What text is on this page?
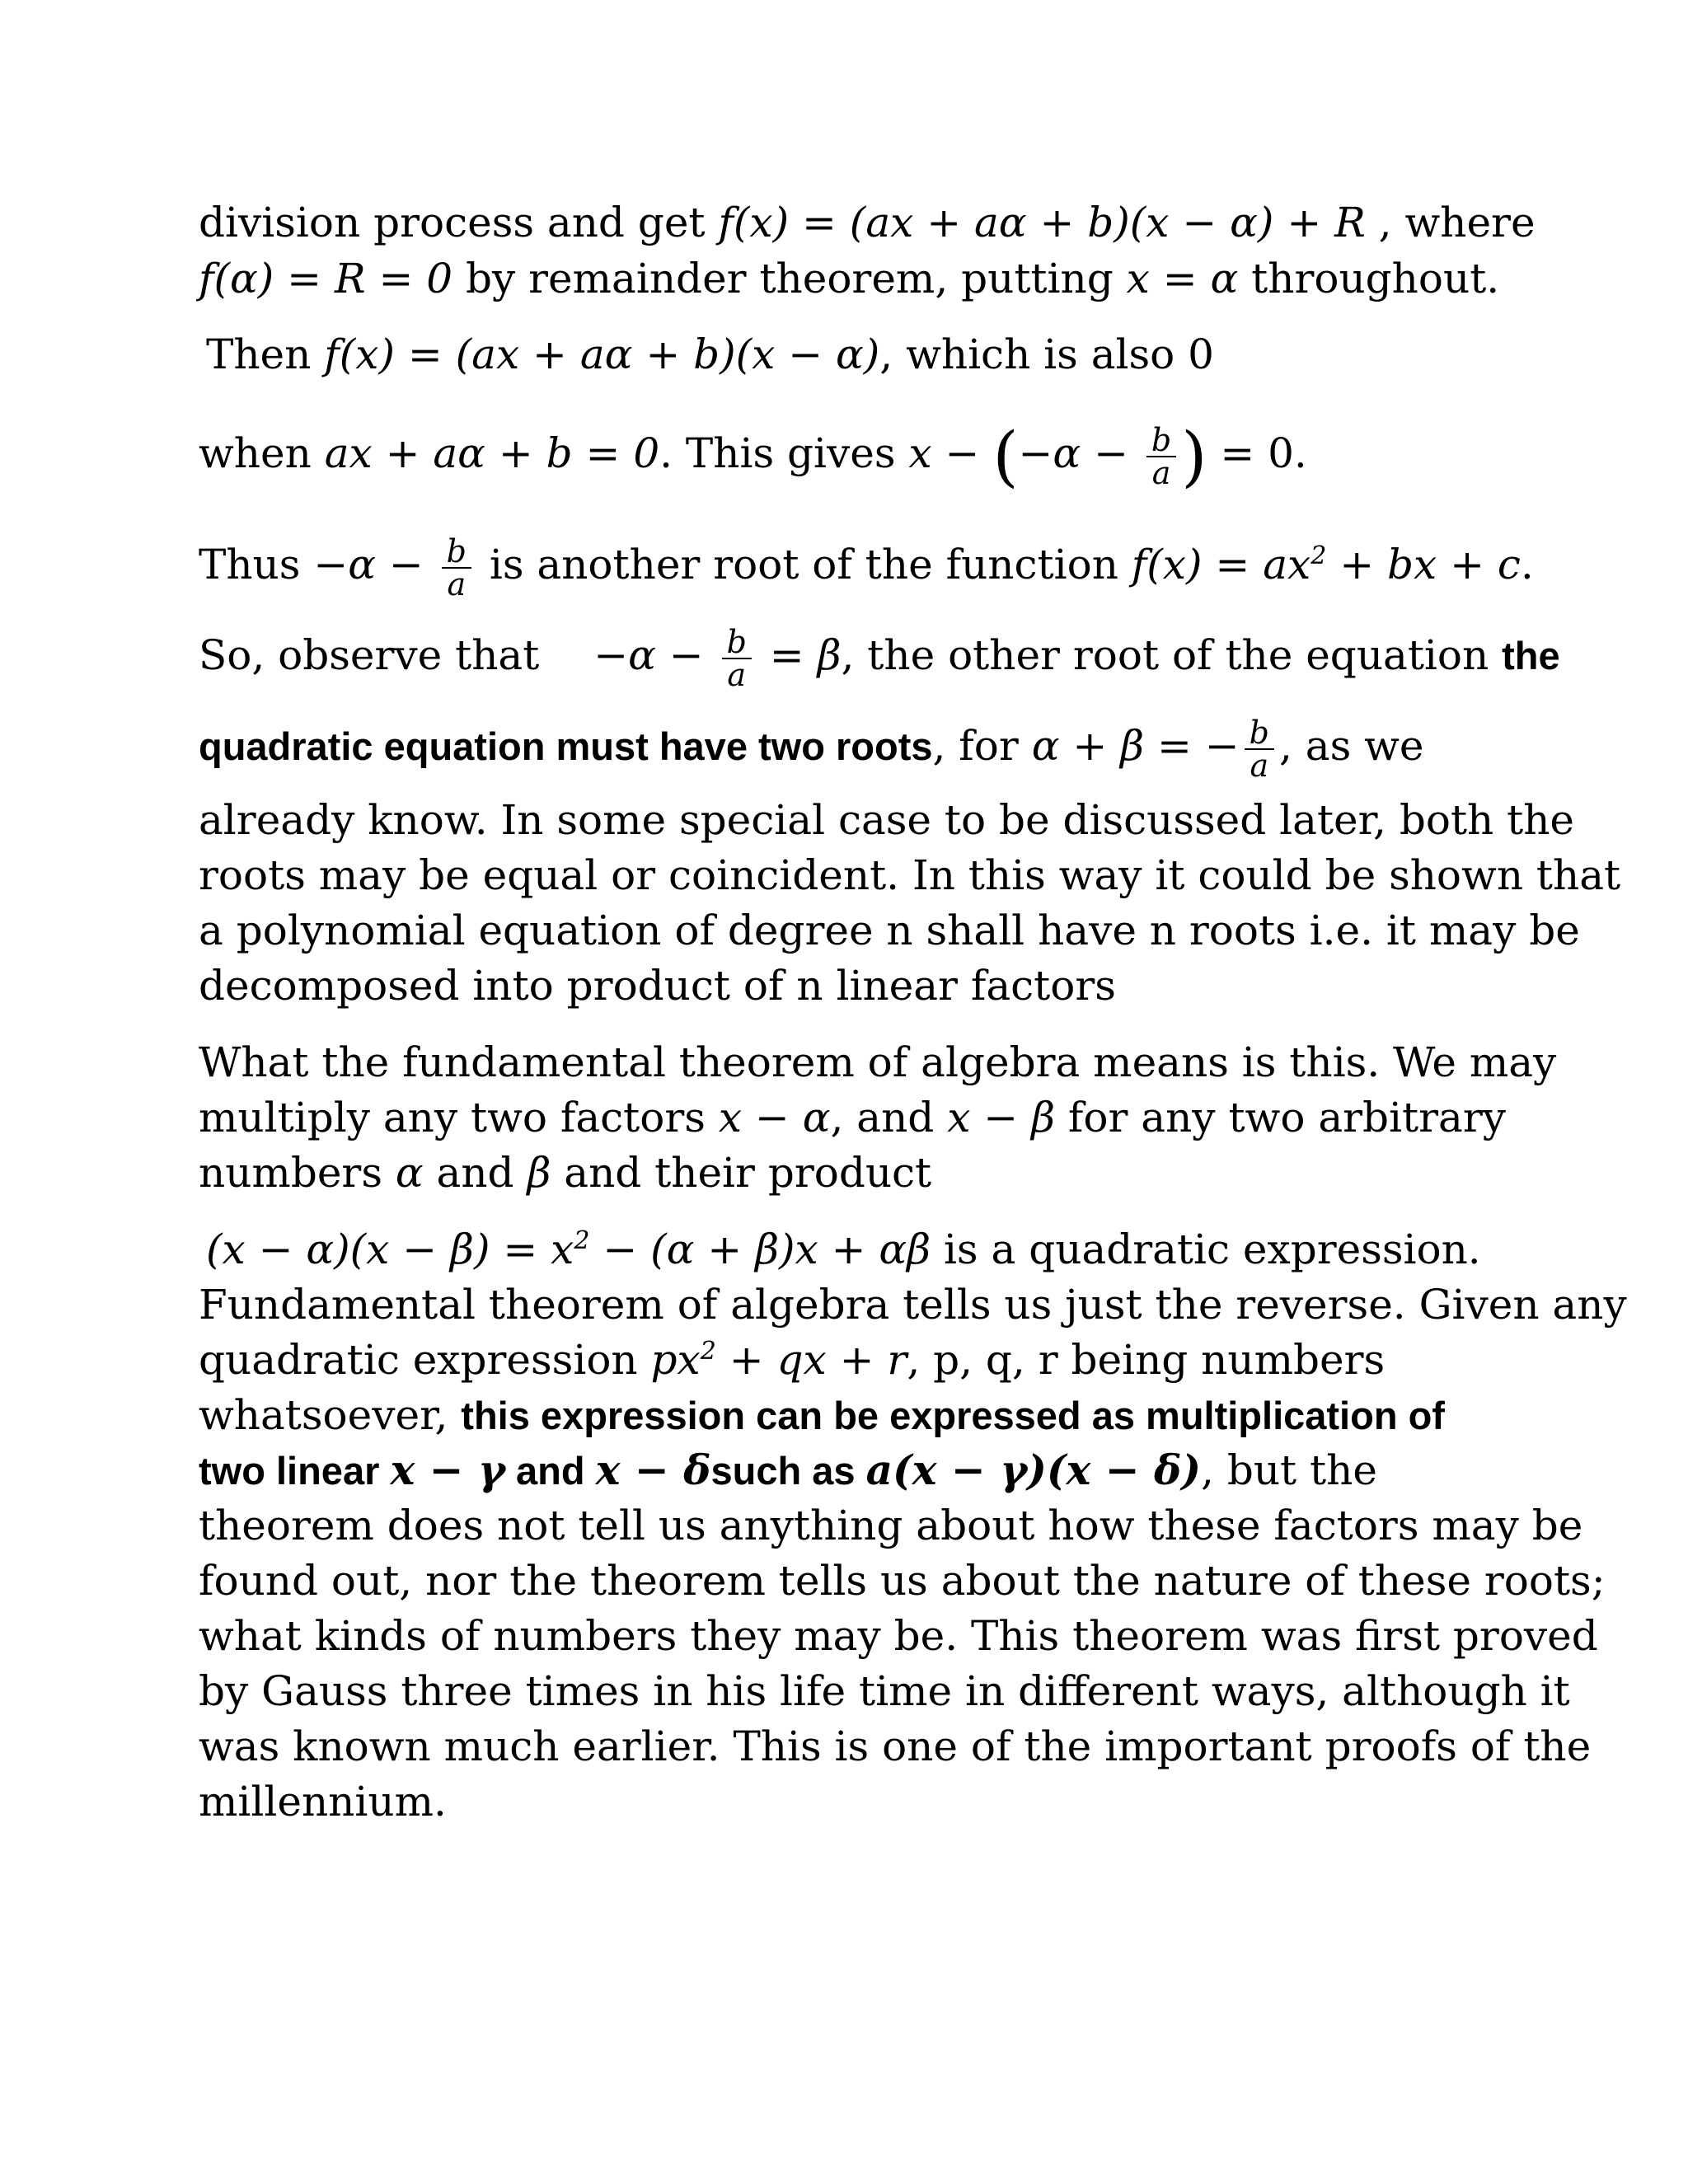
division process and get f(x) = (ax + aα + b)(x − α) + R , where
f(α) = R = 0 by remainder theorem, putting x = α throughout.
Then f(x) = (ax + aα + b)(x − α), which is also 0
when ax + aα + b = 0. This gives $x - (-\alpha - \frac{b}{a}$ ) = 0.
Thus $-\alpha - \frac{b}{a}$ is another root of the function $f(x) = ax^2$ + bx + c.
So, observe that $-\alpha - \frac{b}{a} = \beta$, the other root of the equation the
quadratic equation must have two roots, for α + β = − $\frac{b}{a}$ , as we
already know. In some special case to be discussed later, both the
roots may be equal or coincident. In this way it could be shown that
a polynomial equation of degree n shall have n roots i.e. it may be
decomposed into product of n linear factors
What the fundamental theorem of algebra means is this. We may
multiply any two factors x − α, and x − β for any two arbitrary
numbers α and β and their product
$(x - \alpha)(x - \beta) = x^2 - (\alpha + \beta)x + \alpha\beta$ is a quadratic expression.
Fundamental theorem of algebra tells us just the reverse. Given any
quadratic expression $px^2$ + qx + r, p, q, r being numbers
whatsoever, this expression can be expressed as multiplication of
two linear x − γ and x − δsuch as a(x − γ)(x − δ), but the
theorem does not tell us anything about how these factors may be
found out, nor the theorem tells us about the nature of these roots;
what kinds of numbers they may be. This theorem was first proved
by Gauss three times in his life time in different ways, although it
was known much earlier. This is one of the important proofs of the
millennium.
